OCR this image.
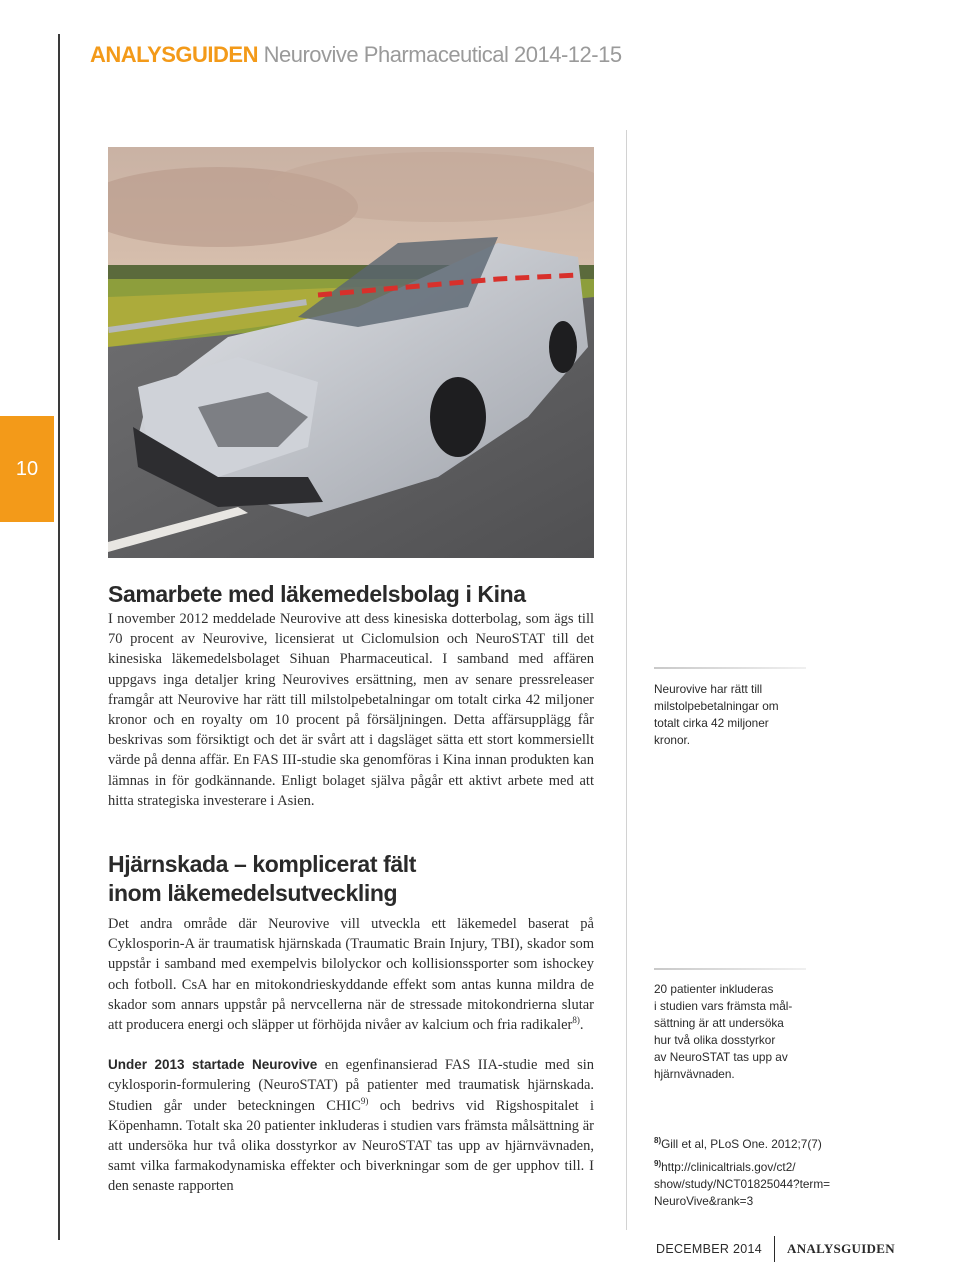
ANALYSGUIDEN Neurovive Pharmaceutical 2014-12-15
10
Samarbete med läkemedelsbolag i Kina

I november 2012 meddelade Neurovive att dess kinesiska dotterbolag, som ägs till 70 procent av Neurovive, licensierat ut Ciclomulsion och NeuroSTAT till det kinesiska läkemedelsbolaget Sihuan Pharmaceutical. I samband med affären uppgavs inga detaljer kring Neurovives ersättning, men av senare pressreleaser framgår att Neurovive har rätt till milstolpebetalningar om totalt cirka 42 miljoner kronor och en royalty om 10 procent på försäljningen. Detta affärsupplägg får beskrivas som försiktigt och det är svårt att i dagsläget sätta ett stort kommersiellt värde på denna affär. En FAS III-studie ska genomföras i Kina innan produkten kan lämnas in för godkännande. Enligt bolaget själva pågår ett aktivt arbete med att hitta strategiska investerare i Asien.

Hjärnskada – komplicerat fält
inom läkemedelsutveckling

Det andra område där Neurovive vill utveckla ett läkemedel baserat på Cyklosporin-A är traumatisk hjärnskada (Traumatic Brain Injury, TBI), skador som uppstår i samband med exempelvis bilolyckor och kollisionssporter som ishockey och fotboll. CsA har en mitokondrieskyddande effekt som antas kunna mildra de skador som annars uppstår på nervcellerna när de stressade mitokondrierna slutar att producera energi och släpper ut förhöjda nivåer av kalcium och fria radikaler$^{8)}$.

Under 2013 startade Neurovive en egenfinansierad FAS IIA-studie med sin cyklosporin-formulering (NeuroSTAT) på patienter med traumatisk hjärnskada. Studien går under beteckningen CHIC$^{9)}$ och bedrivs vid Rigshospitalet i Köpenhamn. Totalt ska 20 patienter inkluderas i studien vars främsta målsättning är att undersöka hur två olika dosstyrkor av NeuroSTAT tas upp av hjärnvävnaden, samt vilka farmakodynamiska effekter och biverkningar som de ger upphov till. I den senaste rapporten

Neurovive har rätt till
milstolpebetalningar om
totalt cirka 42 miljoner
kronor.
20 patienter inkluderas
i studien vars främsta mål-
sättning är att undersöka
hur två olika dosstyrkor
av NeuroSTAT tas upp av
hjärnvävnaden.

$^{8)}$Gill et al, PLoS One. 2012;7(7)

$^{9)}$http://clinicaltrials.gov/ct2/
show/study/NCT01825044?term=
NeuroVive&rank=3

DECEMBER 2014 ANALYSGUIDEN
